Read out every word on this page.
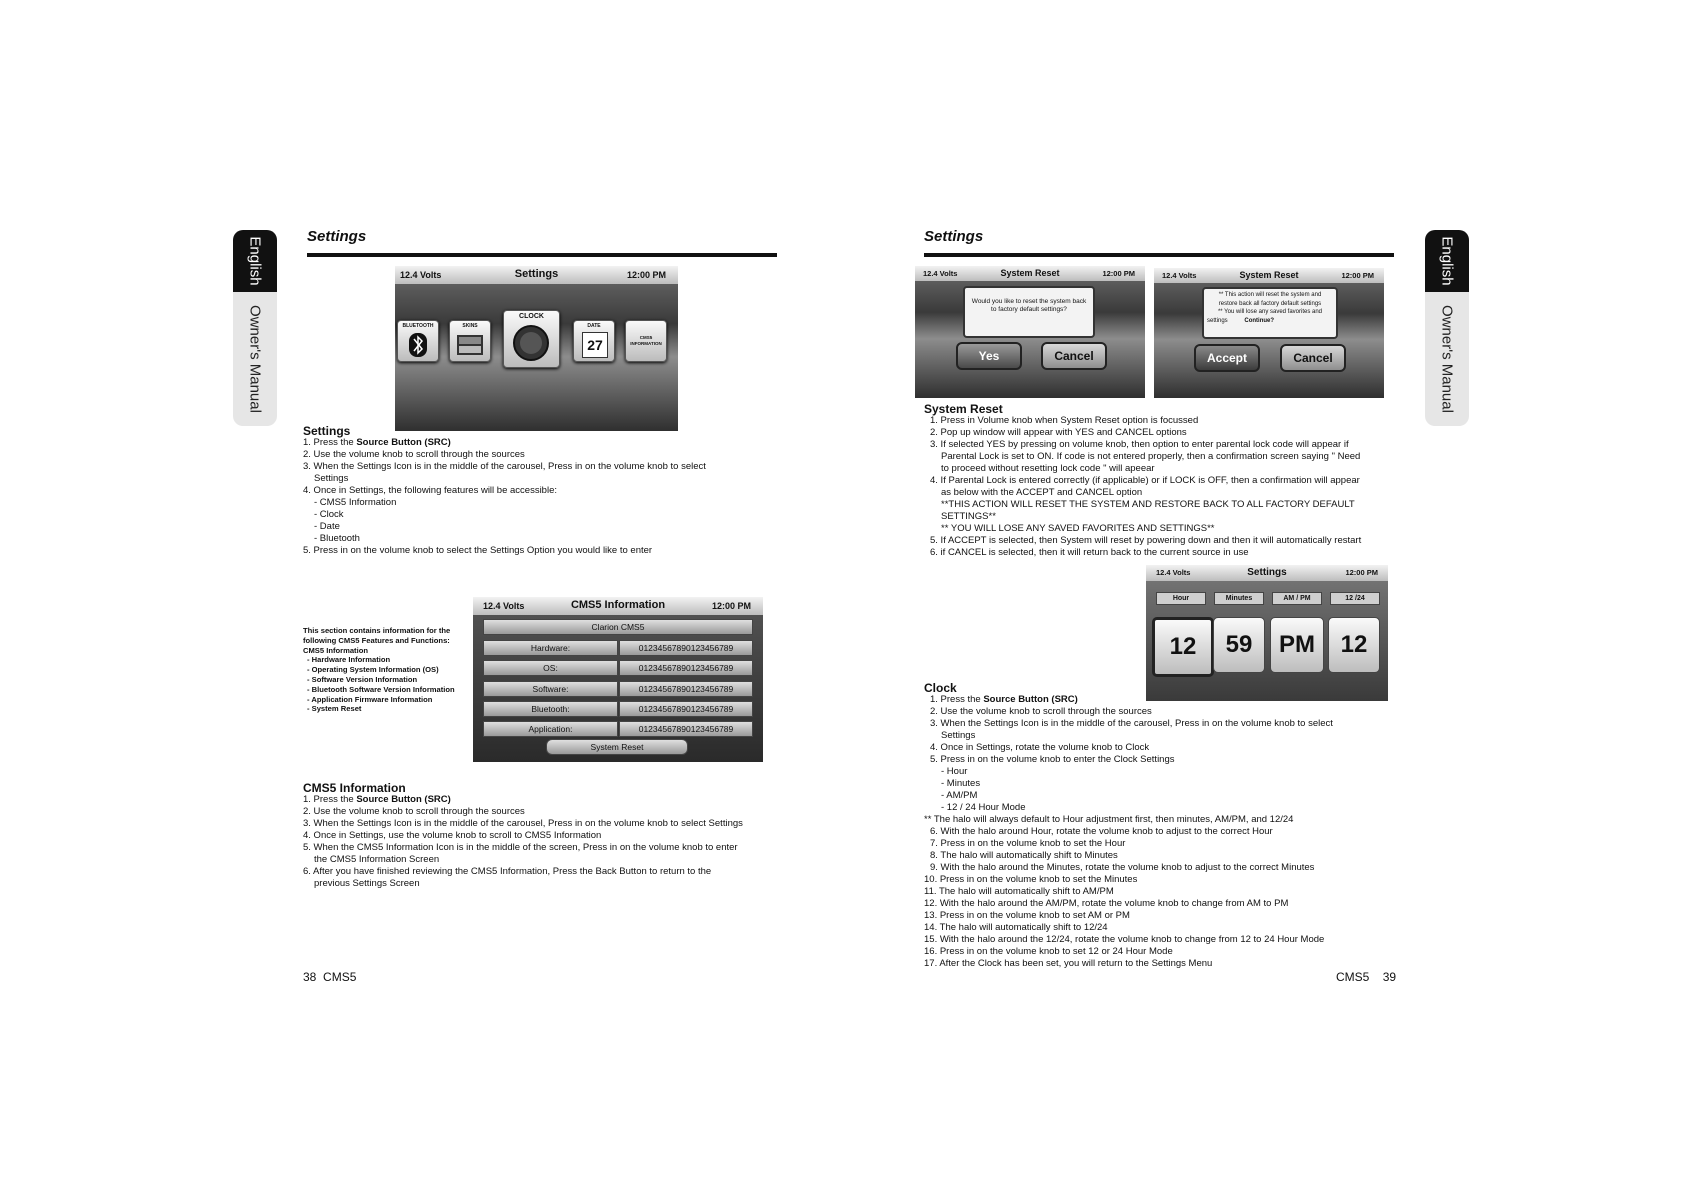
English
Owner's Manual
English
Owner's Manual
Settings
12.4 Volts	Settings	12:00 PM
BLUETOOTH	SKINS
CLOCK
DATE
27	CMS5 INFORMATION
Settings
1. Press the Source Button (SRC)
2. Use the volume knob to scroll through the sources
3. When the Settings Icon is in the middle of the carousel, Press in on the volume knob to select
Settings
4. Once in Settings, the following features will be accessible:
- CMS5 Information
- Clock
- Date
- Bluetooth
5. Press in on the volume knob to select the Settings Option you would like to enter
This section contains information for the
following CMS5 Features and Functions:
CMS5 Information
- Hardware Information
- Operating System Information (OS)
- Software Version Information
- Bluetooth Software Version Information
- Application Firmware Information
- System Reset
12.4 Volts	CMS5 Information	12:00 PM
Clarion CMS5
Hardware:	01234567890123456789
OS:	01234567890123456789
Software:	01234567890123456789
Bluetooth:	01234567890123456789
Application:	01234567890123456789
System Reset
CMS5 Information
1. Press the Source Button (SRC)
2. Use the volume knob to scroll through the sources
3. When the Settings Icon is in the middle of the carousel, Press in on the volume knob to select Settings
4. Once in Settings, use the volume knob to scroll to CMS5 Information
5. When the CMS5 Information Icon is in the middle of the screen, Press in on the volume knob to enter
the CMS5 Information Screen
6. After you have finished reviewing the CMS5 Information, Press the Back Button to return to the
previous Settings Screen
38 CMS5
Settings
12.4 Volts	System Reset	12:00 PM
Would you like to reset the system back
to factory default settings?
Yes	Cancel
12.4 Volts	System Reset	12:00 PM
** This action will reset the system and
restore back all factory default settings
** You will lose any saved favorites and
settings	Continue?
Accept	Cancel
System Reset
1. Press in Volume knob when System Reset option is focussed
2. Pop up window will appear with YES and CANCEL options
3. If selected YES by pressing on volume knob, then option to enter parental lock code will appear if
Parental Lock is set to ON. If code is not entered properly, then a confirmation screen saying " Need
to proceed without resetting lock code " will apeear
4. If Parental Lock is entered correctly (if applicable) or if LOCK is OFF, then a confirmation will appear
as below with the ACCEPT and CANCEL option
**THIS ACTION WILL RESET THE SYSTEM AND RESTORE BACK TO ALL FACTORY DEFAULT
SETTINGS**
** YOU WILL LOSE ANY SAVED FAVORITES AND SETTINGS**
5. If ACCEPT is selected, then System will reset by powering down and then it will automatically restart
6. if CANCEL is selected, then it will return back to the current source in use
12.4 Volts	Settings	12:00 PM
Hour	Minutes	AM / PM	12 /24
12	59	PM	12
Clock
1. Press the Source Button (SRC)
2. Use the volume knob to scroll through the sources
3. When the Settings Icon is in the middle of the carousel, Press in on the volume knob to select
Settings
4. Once in Settings, rotate the volume knob to Clock
5. Press in on the volume knob to enter the Clock Settings
- Hour
- Minutes
- AM/PM
- 12 / 24 Hour Mode
** The halo will always default to Hour adjustment first, then minutes, AM/PM, and 12/24
6. With the halo around Hour, rotate the volume knob to adjust to the correct Hour
7. Press in on the volume knob to set the Hour
8. The halo will automatically shift to Minutes
9. With the halo around the Minutes, rotate the volume knob to adjust to the correct Minutes
10. Press in on the volume knob to set the Minutes
11. The halo will automatically shift to AM/PM
12. With the halo around the AM/PM, rotate the volume knob to change from AM to PM
13. Press in on the volume knob to set AM or PM
14. The halo will automatically shift to 12/24
15. With the halo around the 12/24, rotate the volume knob to change from 12 to 24 Hour Mode
16. Press in on the volume knob to set 12 or 24 Hour Mode
17. After the Clock has been set, you will return to the Settings Menu
CMS5 39
